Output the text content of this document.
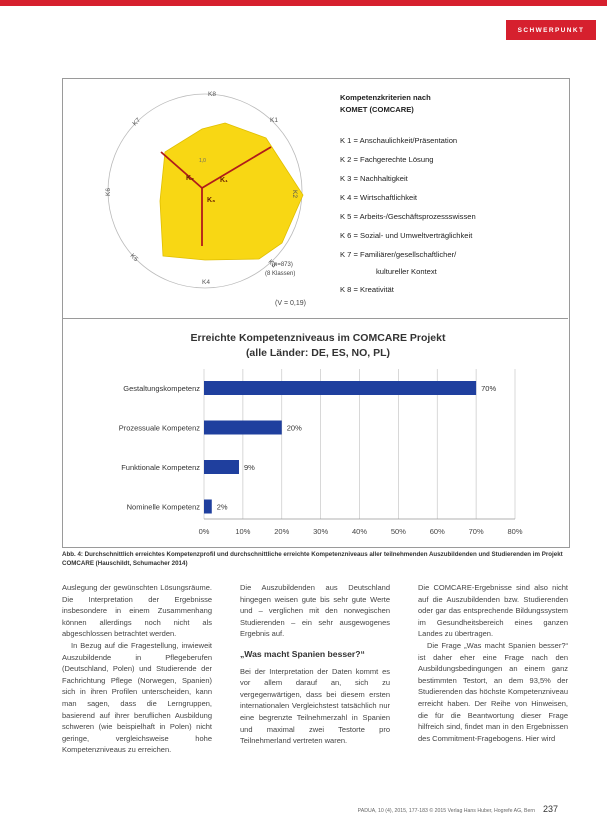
SCHWERPUNKT
K8
K1
K2
K3
K4
K5
K6
K7
1,0
K₂	K₁
K₃
(n=873)
(8 Klassen)
(V = 0,19)
Kompetenzkriterien nach
KOMET (COMCARE)
K 1 = Anschaulichkeit/Präsentation
K 2 = Fachgerechte Lösung
K 3 = Nachhaltigkeit
K 4 = Wirtschaftlichkeit
K 5 = Arbeits-/Geschäftsprozessswissen
K 6 = Sozial- und Umweltverträglichkeit
K 7 = Familiärer/gesellschaftlicher/
kultureller Kontext
K 8 = Kreativität
Erreichte Kompetenzniveaus im COMCARE Projekt
(alle Länder: DE, ES, NO, PL)
Gestaltungskompetenz	70%
Prozessuale Kompetenz	20%
Funktionale Kompetenz	9%
Nominelle Kompetenz 2%
0%	10%	20%	30%	40%	50%	60%	70%	80%
Abb. 4: Durchschnittlich erreichtes Kompetenzprofil und durchschnittliche erreichte Kompetenzniveaus aller teilnehmenden Auszubildenden und Studierenden im Projekt COMCARE (Hauschildt, Schumacher 2014)

Auslegung der gewünschten Lösungsräume. Die Interpretation der Ergebnisse insbesondere in einem Zusammenhang können allerdings noch nicht als abgeschlossen betrachtet werden.

In Bezug auf die Fragestellung, inwieweit Auszubildende in Pflegeberufen (Deutschland, Polen) und Studierende der Fachrichtung Pflege (Norwegen, Spanien) sich in ihren Profilen unterscheiden, kann man sagen, dass die Lerngruppen, basierend auf ihrer beruflichen Ausbildung schweren (wie beispielhaft in Polen) nicht geringe, vergleichsweise hohe Kompetenzniveaus zu erreichen.

Die Auszubildenden aus Deutschland hingegen weisen gute bis sehr gute Werte und – verglichen mit den norwegischen Studierenden – ein sehr ausgewogenes Ergebnis auf.

„Was macht Spanien besser?“

Bei der Interpretation der Daten kommt es vor allem darauf an, sich zu vergegenwärtigen, dass bei diesem ersten internationalen Vergleichstest tatsächlich nur eine begrenzte Teilnehmerzahl in Spanien und maximal zwei Testorte pro Teilnehmerland vertreten waren.

Die COMCARE-Ergebnisse sind also nicht auf die Auszubildenden bzw. Studierenden oder gar das entsprechende Bildungssystem im Gesundheitsbereich eines ganzen Landes zu übertragen.

Die Frage „Was macht Spanien besser?“ ist daher eher eine Frage nach den Ausbildungsbedingungen an einem ganz bestimmten Testort, an dem 93,5% der Studierenden das höchste Kompetenzniveau erreicht haben. Der Reihe von Hinweisen, die für die Beantwortung dieser Frage hilfreich sind, findet man in den Ergebnissen des Commitment-Fragebogens. Hier wird

PADUA, 10 (4), 2015, 177-183 © 2015 Verlag Hans Huber, Hogrefe AG, Bern 237
